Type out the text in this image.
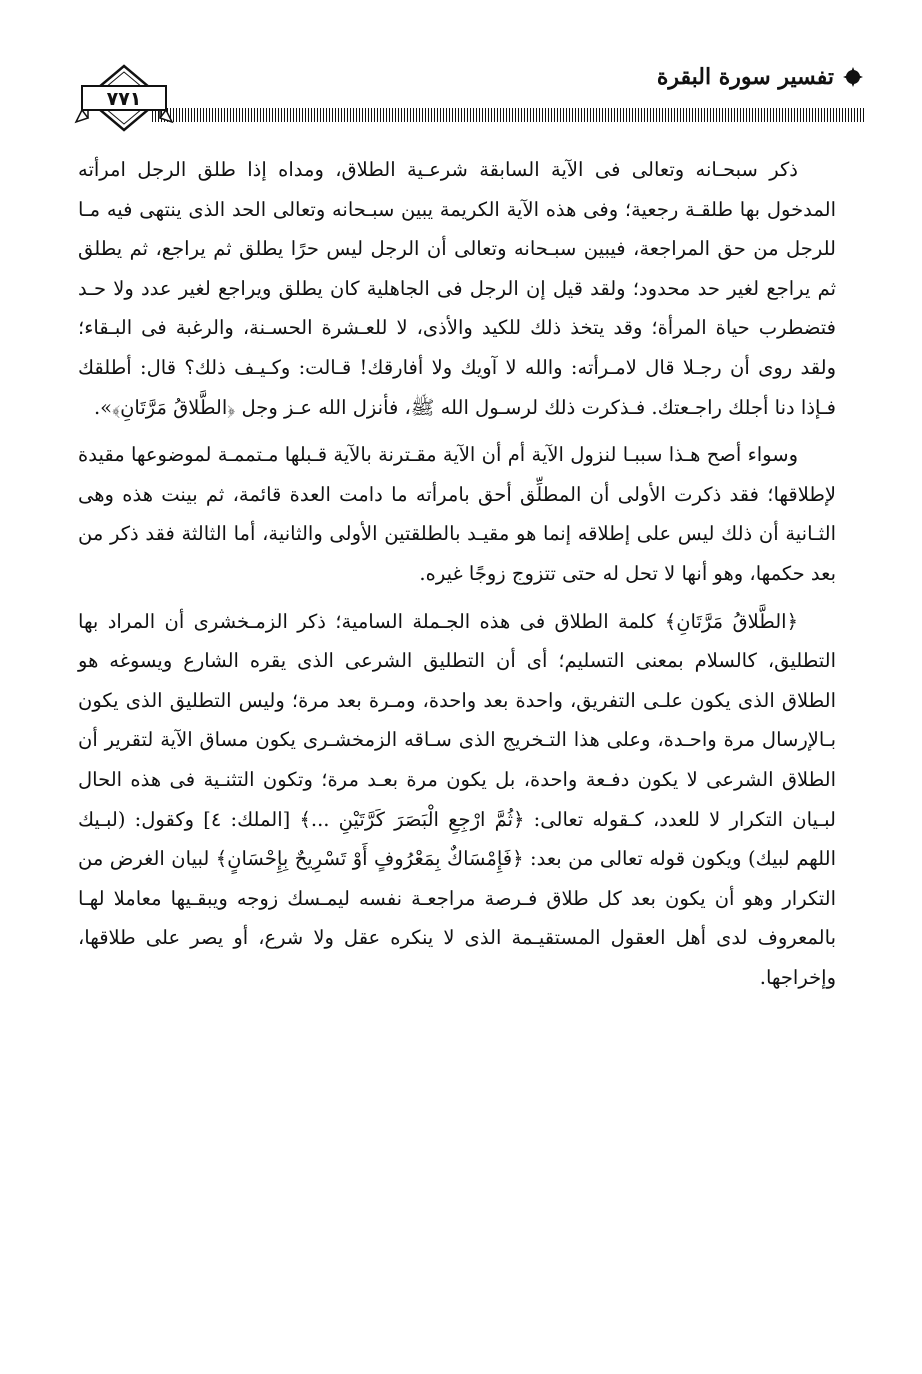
تفسير سورة البقرة
٧٧١

ذكر سبحـانه وتعالى فى الآية السابقة شرعـية الطلاق، ومداه إذا طلق الرجل امرأته المدخول بها طلقـة رجعية؛ وفى هذه الآية الكريمة يبين سبـحانه وتعالى الحد الذى ينتهى فيه مـا للرجل من حق المراجعة، فيبين سبـحانه وتعالى أن الرجل ليس حرًا يطلق ثم يراجع، ثم يطلق ثم يراجع لغير حد محدود؛ ولقد قيل إن الرجل فى الجاهلية كان يطلق ويراجع لغير عدد ولا حـد فتضطرب حياة المرأة؛ وقد يتخذ ذلك للكيد والأذى، لا للعـشرة الحسـنة، والرغبة فى البـقاء؛ ولقد روى أن رجـلا قال لامـرأته: والله لا آويك ولا أفارقك! قـالت: وكـيـف ذلك؟ قال: أطلقك فـإذا دنا أجلك راجـعتك. فـذكرت ذلك لرسـول الله ﷺ، فأنزل الله عـز وجل ﴿الطَّلاقُ مَرَّتَانِ﴾».

وسواء أصح هـذا سببـا لنزول الآية أم أن الآية مقـترنة بالآية قـبلها مـتممـة لموضوعها مقيدة لإطلاقها؛ فقد ذكرت الأولى أن المطلِّق أحق بامرأته ما دامت العدة قائمة، ثم بينت هذه وهى الثـانية أن ذلك ليس على إطلاقه إنما هو مقيـد بالطلقتين الأولى والثانية، أما الثالثة فقد ذكر من بعد حكمها، وهو أنها لا تحل له حتى تتزوج زوجًا غيره.

﴿الطَّلاقُ مَرَّتَانِ﴾ كلمة الطلاق فى هذه الجـملة السامية؛ ذكر الزمـخشرى أن المراد بها التطليق، كالسلام بمعنى التسليم؛ أى أن التطليق الشرعى الذى يقره الشارع ويسوغه هو الطلاق الذى يكون علـى التفريق، واحدة بعد واحدة، ومـرة بعد مرة؛ وليس التطليق الذى يكون بـالإرسال مرة واحـدة، وعلى هذا التـخريج الذى سـاقه الزمخشـرى يكون مساق الآية لتقرير أن الطلاق الشرعى لا يكون دفـعة واحدة، بل يكون مرة بعـد مرة؛ وتكون التثنـية فى هذه الحال لبـيان التكرار لا للعدد، كـقوله تعالى: ﴿ثُمَّ ارْجِعِ الْبَصَرَ كَرَّتَيْنِ ...﴾ [الملك: ٤] وكقول: (لبـيك اللهم لبيك) ويكون قوله تعالى من بعد: ﴿فَإِمْسَاكٌ بِمَعْرُوفٍ أَوْ تَسْرِيحٌ بِإِحْسَانٍ﴾ لبيان الغرض من التكرار وهو أن يكون بعد كل طلاق فـرصة مراجعـة نفسه ليمـسك زوجه ويبقـيها معاملا لهـا بالمعروف لدى أهل العقول المستقيـمة الذى لا ينكره عقل ولا شرع، أو يصر على طلاقها، وإخراجها.
